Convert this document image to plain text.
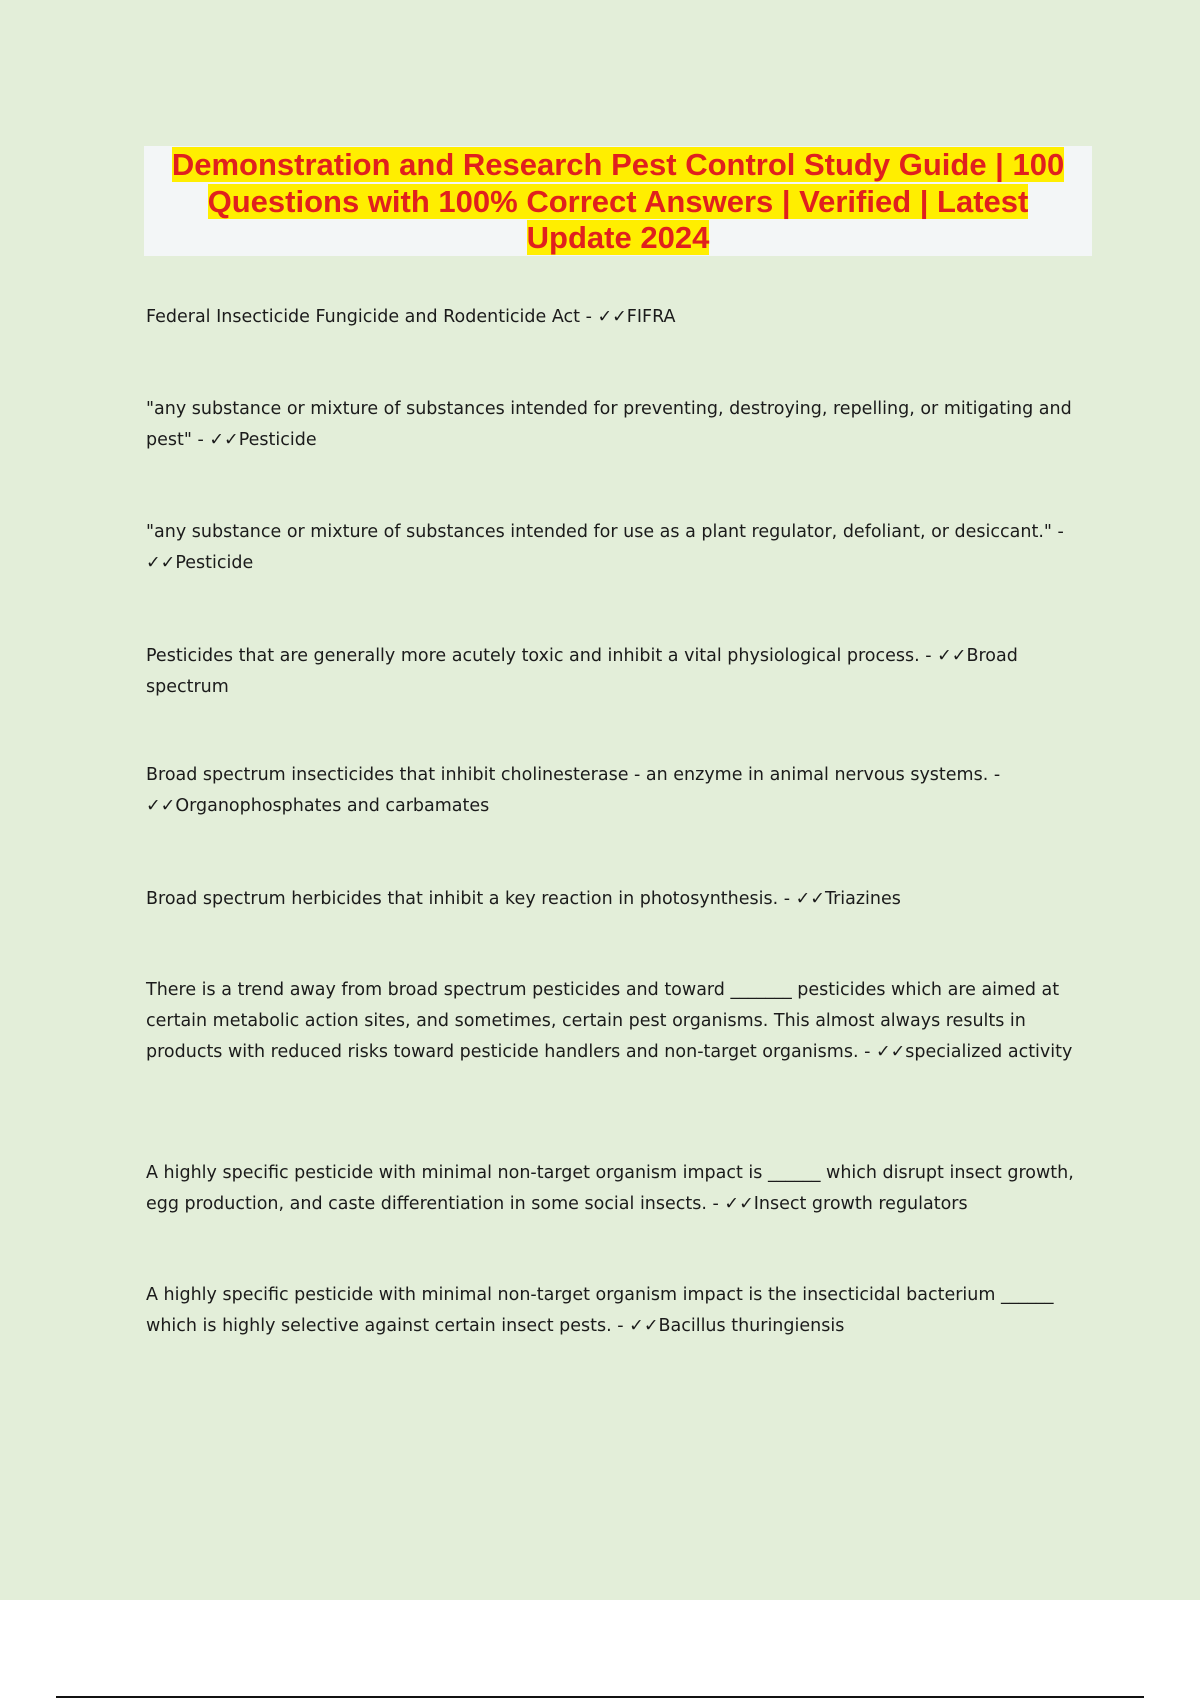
Demonstration and Research Pest Control Study Guide | 100 Questions with 100% Correct Answers | Verified | Latest Update 2024
Federal Insecticide Fungicide and Rodenticide Act - ✓✓FIFRA
"any substance or mixture of substances intended for preventing, destroying, repelling, or mitigating and pest" - ✓✓Pesticide
"any substance or mixture of substances intended for use as a plant regulator, defoliant, or desiccant." - ✓✓Pesticide
Pesticides that are generally more acutely toxic and inhibit a vital physiological process. - ✓✓Broad spectrum
Broad spectrum insecticides that inhibit cholinesterase - an enzyme in animal nervous systems. - ✓✓Organophosphates and carbamates
Broad spectrum herbicides that inhibit a key reaction in photosynthesis. - ✓✓Triazines
There is a trend away from broad spectrum pesticides and toward _______ pesticides which are aimed at certain metabolic action sites, and sometimes, certain pest organisms. This almost always results in products with reduced risks toward pesticide handlers and non-target organisms. - ✓✓specialized activity
A highly specific pesticide with minimal non-target organism impact is ______ which disrupt insect growth, egg production, and caste differentiation in some social insects. - ✓✓Insect growth regulators
A highly specific pesticide with minimal non-target organism impact is the insecticidal bacterium ______ which is highly selective against certain insect pests. - ✓✓Bacillus thuringiensis
